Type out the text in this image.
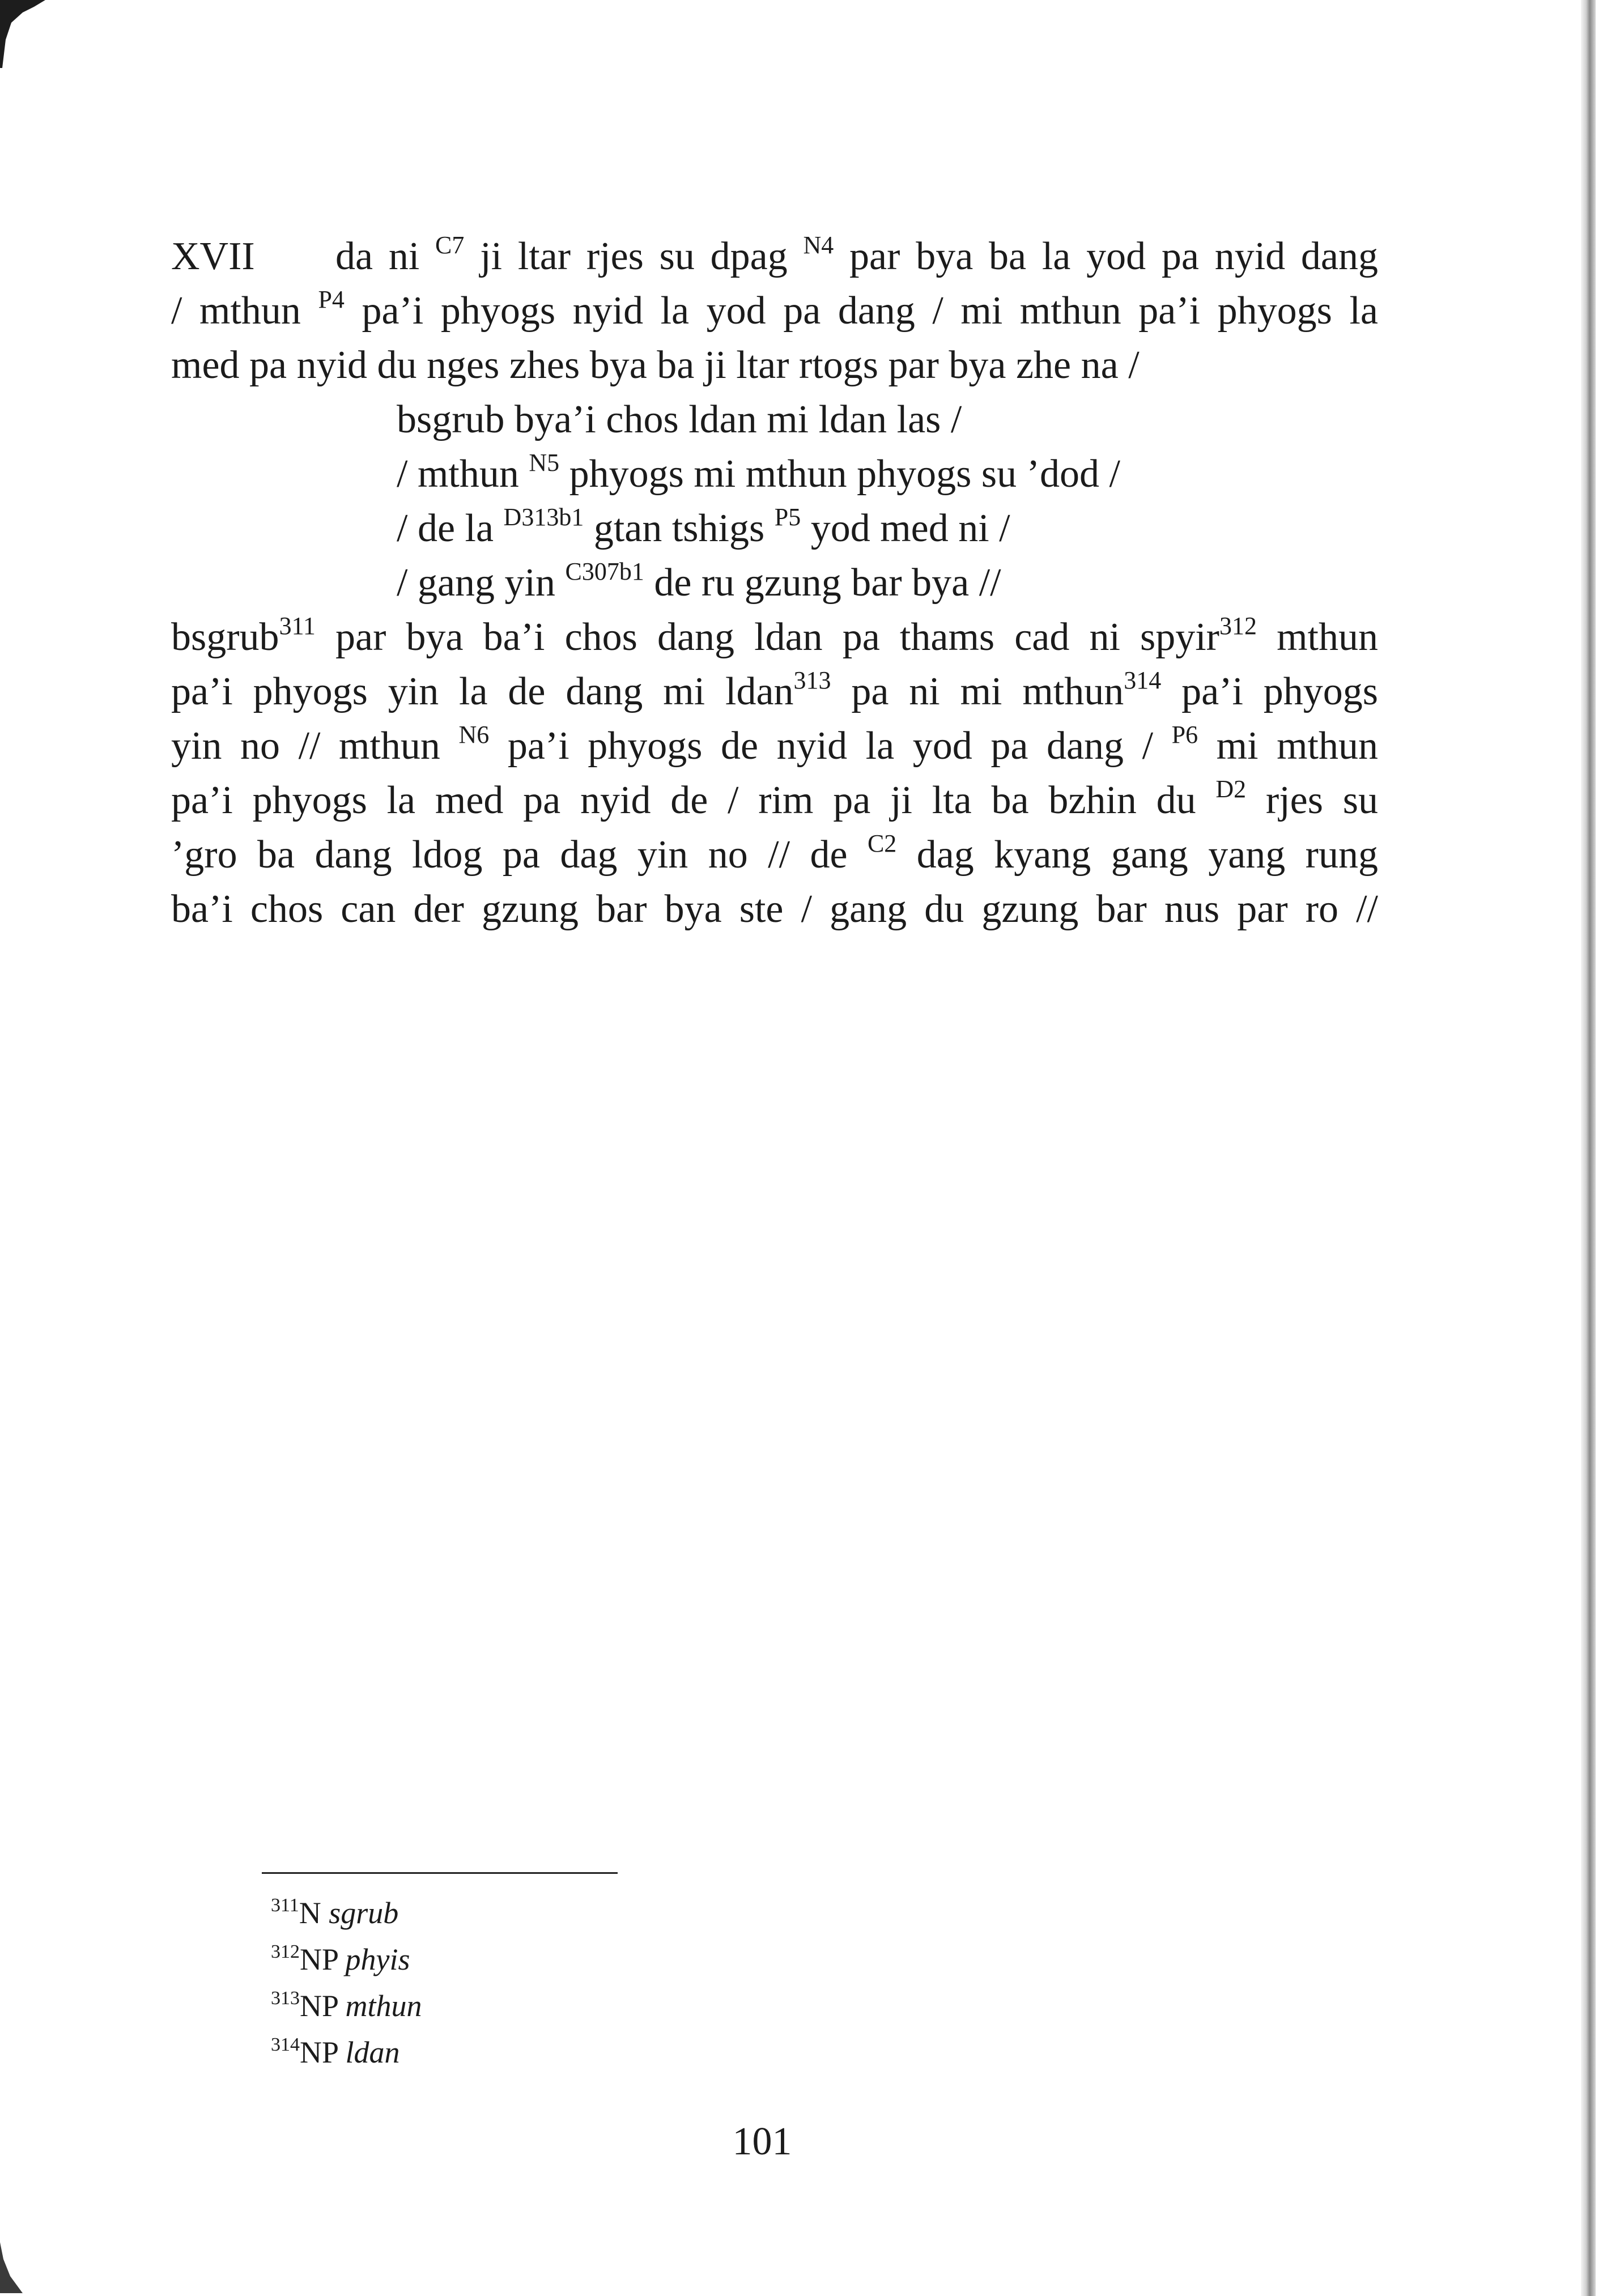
XVII da ni $^{C7}$ ji ltar rjes su dpag $^{N4}$ par bya ba la yod pa nyid dang
/ mthun $^{P4}$ pa’i phyogs nyid la yod pa dang / mi mthun pa’i phyogs la
med pa nyid du nges zhes bya ba ji ltar rtogs par bya zhe na /
bsgrub bya’i chos ldan mi ldan las /
/ mthun $^{N5}$ phyogs mi mthun phyogs su ’dod /
/ de la $^{D313b1}$ gtan tshigs $^{P5}$ yod med ni /
/ gang yin $^{C307b1}$ de ru gzung bar bya //
bsgrub$^{311}$ par bya ba’i chos dang ldan pa thams cad ni spyir$^{312}$ mthun
pa’i phyogs yin la de dang mi ldan$^{313}$ pa ni mi mthun$^{314}$ pa’i phyogs
yin no // mthun $^{N6}$ pa’i phyogs de nyid la yod pa dang / $^{P6}$ mi mthun
pa’i phyogs la med pa nyid de / rim pa ji lta ba bzhin du $^{D2}$ rjes su
’gro ba dang ldog pa dag yin no // de $^{C2}$ dag kyang gang yang rung
ba’i chos can der gzung bar bya ste / gang du gzung bar nus par ro //
$^{311}$N sgrub
$^{312}$NP phyis
$^{313}$NP mthun
$^{314}$NP ldan
101
